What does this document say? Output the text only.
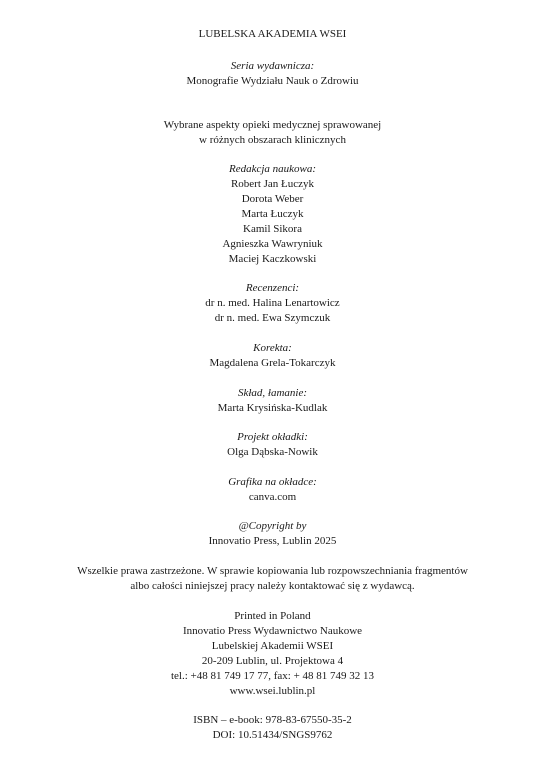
LUBELSKA AKADEMIA WSEI
Seria wydawnicza:
Monografie Wydziału Nauk o Zdrowiu
Wybrane aspekty opieki medycznej sprawowanej
w różnych obszarach klinicznych
Redakcja naukowa:
Robert Jan Łuczyk
Dorota Weber
Marta Łuczyk
Kamil Sikora
Agnieszka Wawryniuk
Maciej Kaczkowski
Recenzenci:
dr n. med. Halina Lenartowicz
dr n. med. Ewa Szymczuk
Korekta:
Magdalena Grela-Tokarczyk
Skład, łamanie:
Marta Krysińska-Kudlak
Projekt okładki:
Olga Dąbska-Nowik
Grafika na okładce:
canva.com
@Copyright by
Innovatio Press, Lublin 2025
Wszelkie prawa zastrzeżone. W sprawie kopiowania lub rozpowszechniania fragmentów
albo całości niniejszej pracy należy kontaktować się z wydawcą.
Printed in Poland
Innovatio Press Wydawnictwo Naukowe
Lubelskiej Akademii WSEI
20-209 Lublin, ul. Projektowa 4
tel.: +48 81 749 17 77, fax: + 48 81 749 32 13
www.wsei.lublin.pl
ISBN – e-book: 978-83-67550-35-2
DOI: 10.51434/SNGS9762
